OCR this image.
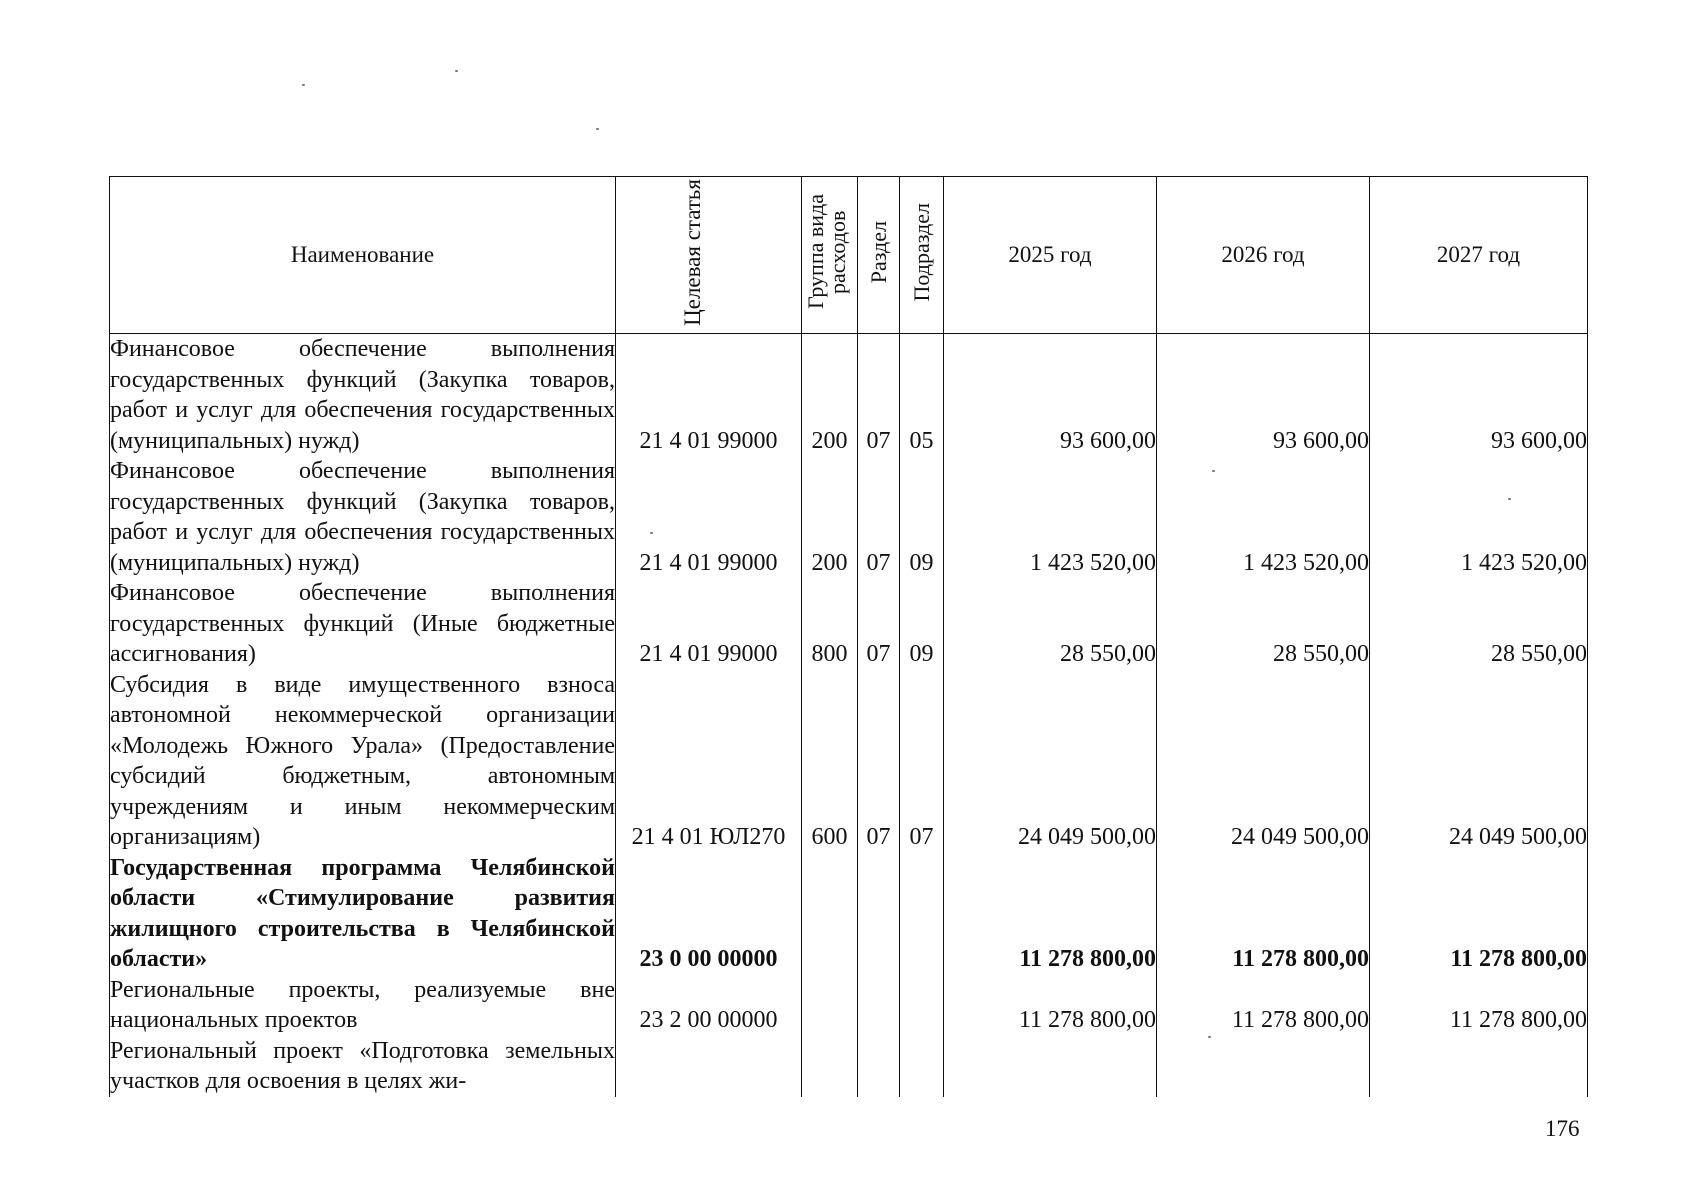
Наименование	Целевая статья	Группа вида расходов	Раздел	Подраздел	2025 год	2026 год	2027 год

Финансовое обеспечение выполнения государственных функций (Закупка товаров, работ и услуг для обеспечения государственных (муниципальных) нужд)	21 4 01 99000	200	07	05	93 600,00	93 600,00	93 600,00

Финансовое обеспечение выполнения государственных функций (Закупка товаров, работ и услуг для обеспечения государственных (муниципальных) нужд)	21 4 01 99000	200	07	09	1 423 520,00	1 423 520,00	1 423 520,00

Финансовое обеспечение выполнения государственных функций (Иные бюджетные ассигнования)	21 4 01 99000	800	07	09	28 550,00	28 550,00	28 550,00

Субсидия в виде имущественного взноса автономной некоммерческой организации «Молодежь Южного Урала» (Предоставление субсидий бюджетным, автономным учреждениям и иным некоммерческим организациям)	21 4 01 ЮЛ270	600	07	07	24 049 500,00	24 049 500,00	24 049 500,00

Государственная программа Челябинской области «Стимулирование развития жилищного строительства в Челябинской области»	23 0 00 00000				11 278 800,00	11 278 800,00	11 278 800,00

Региональные проекты, реализуемые вне национальных проектов	23 2 00 00000				11 278 800,00	11 278 800,00	11 278 800,00

Региональный проект «Подготовка земельных участков для освоения в целях жи-							

176
